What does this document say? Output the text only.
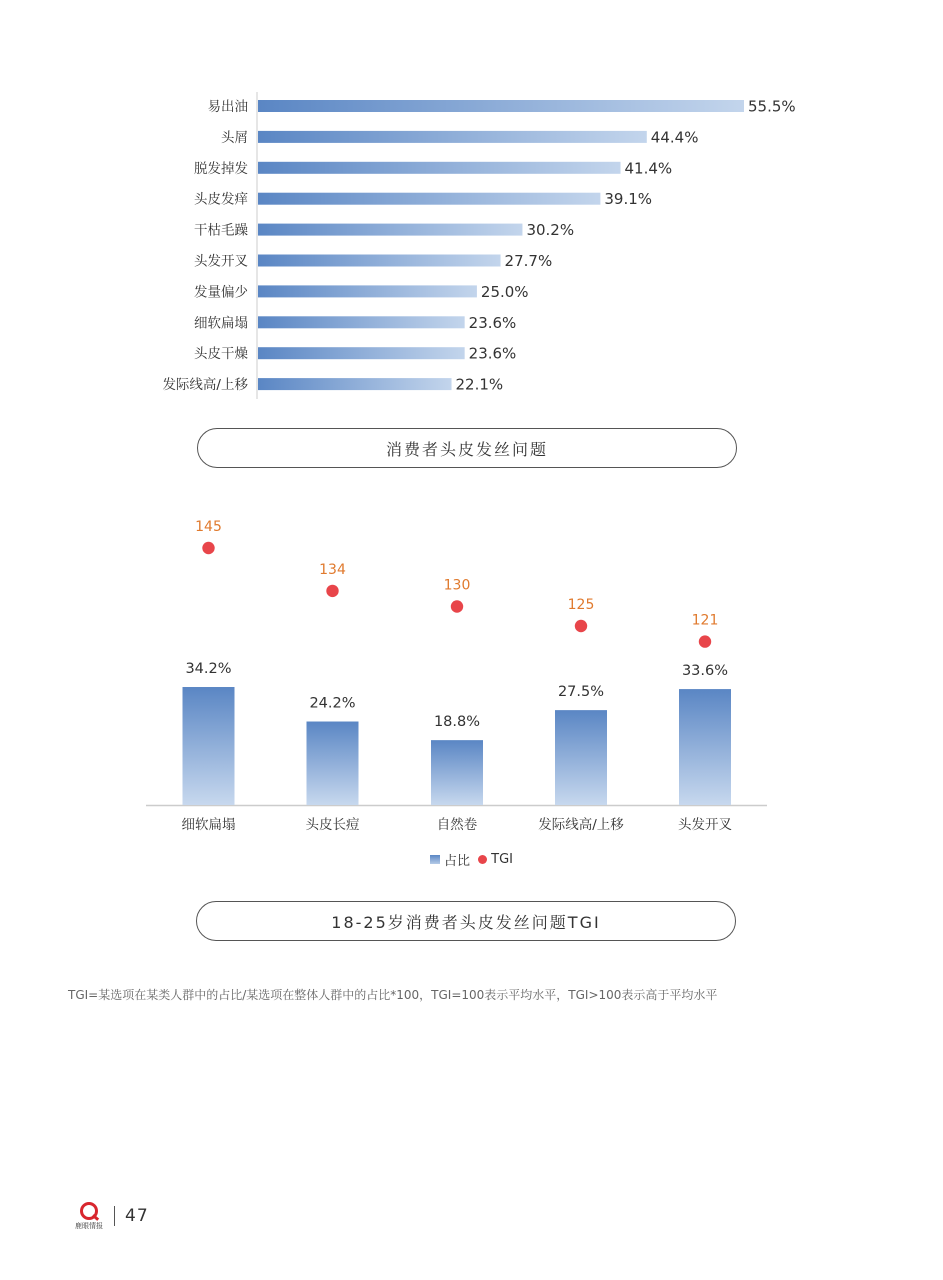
易出油	55.5%
头屑	44.4%
脱发掉发	41.4%
头皮发痒	39.1%
干枯毛躁	30.2%
头发开叉	27.7%
发量偏少	25.0%
细软扁塌	23.6%
头皮干燥	23.6%
发际线高/上移	22.1%
消费者头皮发丝问题
34.2%
细软扁塌
145
24.2%
头皮长痘
134
18.8%
自然卷
130
27.5%
发际线高/上移
125
33.6%
头发开叉
121
占比
TGI
18-25岁消费者头皮发丝问题TGI
TGI=某选项在某类人群中的占比/某选项在整体人群中的占比*100，TGI=100表示平均水平，TGI>100表示高于平均水平
鹿眼情报 47
